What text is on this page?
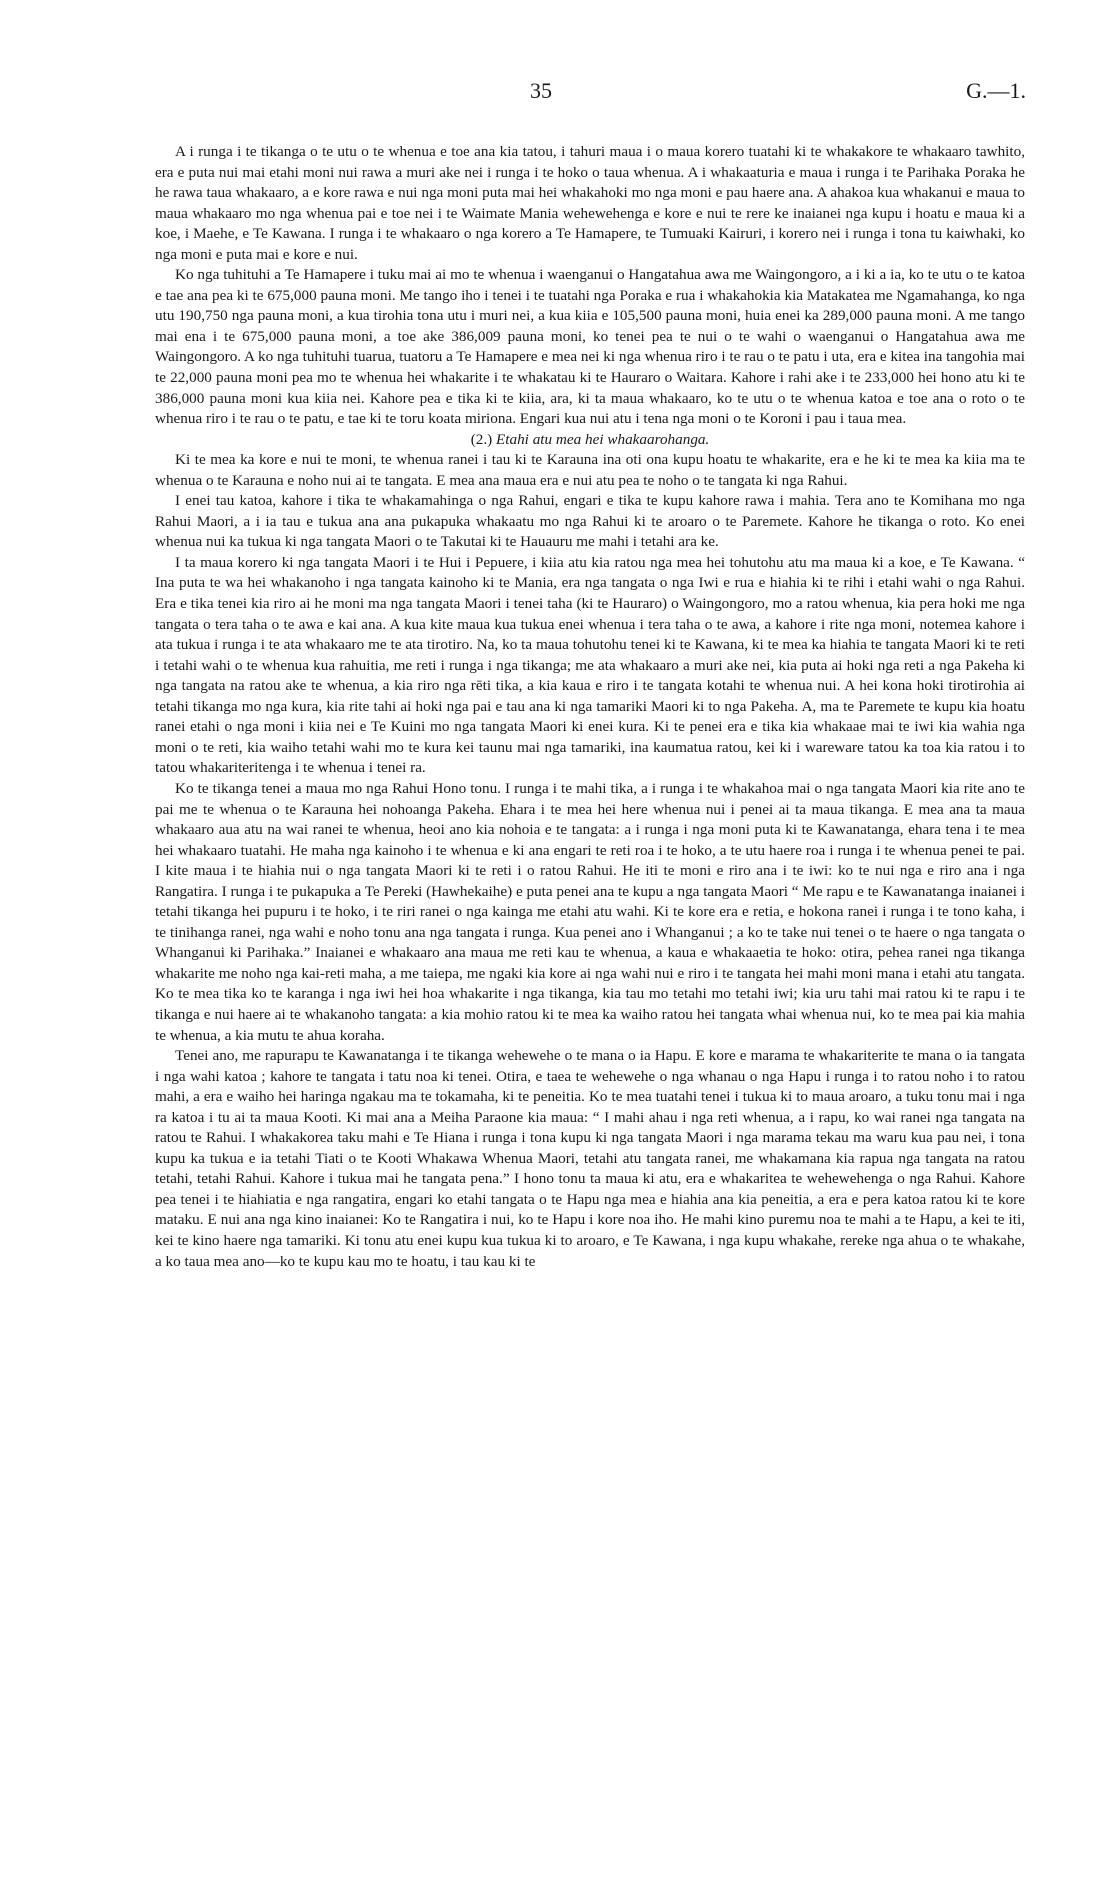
35	G.—1.

A i runga i te tikanga o te utu o te whenua e toe ana kia tatou, i tahuri maua i o maua korero tuatahi ki te whakakore te whakaaro tawhito, era e puta nui mai etahi moni nui rawa a muri ake nei i runga i te hoko o taua whenua. A i whakaaturia e maua i runga i te Parihaka Poraka he he rawa taua whakaaro, a e kore rawa e nui nga moni puta mai hei whakahoki mo nga moni e pau haere ana. A ahakoa kua whakanui e maua to maua whakaaro mo nga whenua pai e toe nei i te Waimate Mania wehewehenga e kore e nui te rere ke inaianei nga kupu i hoatu e maua ki a koe, i Maehe, e Te Kawana. I runga i te whakaaro o nga korero a Te Hamapere, te Tumuaki Kairuri, i korero nei i runga i tona tu kaiwhaki, ko nga moni e puta mai e kore e nui.

Ko nga tuhituhi a Te Hamapere i tuku mai ai mo te whenua i waenganui o Hangatahua awa me Waingongoro, a i ki a ia, ko te utu o te katoa e tae ana pea ki te 675,000 pauna moni. Me tango iho i tenei i te tuatahi nga Poraka e rua i whakahokia kia Matakatea me Ngamahanga, ko nga utu 190,750 nga pauna moni, a kua tirohia tona utu i muri nei, a kua kiia e 105,500 pauna moni, huia enei ka 289,000 pauna moni. A me tango mai ena i te 675,000 pauna moni, a toe ake 386,009 pauna moni, ko tenei pea te nui o te wahi o waenganui o Hangatahua awa me Waingongoro. A ko nga tuhituhi tuarua, tuatoru a Te Hamapere e mea nei ki nga whenua riro i te rau o te patu i uta, era e kitea ina tangohia mai te 22,000 pauna moni pea mo te whenua hei whakarite i te whakatau ki te Hauraro o Waitara. Kahore i rahi ake i te 233,000 hei hono atu ki te 386,000 pauna moni kua kiia nei. Kahore pea e tika ki te kiia, ara, ki ta maua whakaaro, ko te utu o te whenua katoa e toe ana o roto o te whenua riro i te rau o te patu, e tae ki te toru koata miriona. Engari kua nui atu i tena nga moni o te Koroni i pau i taua mea.

(2.) Etahi atu mea hei whakaarohanga.

Ki te mea ka kore e nui te moni, te whenua ranei i tau ki te Karauna ina oti ona kupu hoatu te whakarite, era e he ki te mea ka kiia ma te whenua o te Karauna e noho nui ai te tangata. E mea ana maua era e nui atu pea te noho o te tangata ki nga Rahui.

I enei tau katoa, kahore i tika te whakamahinga o nga Rahui, engari e tika te kupu kahore rawa i mahia. Tera ano te Komihana mo nga Rahui Maori, a i ia tau e tukua ana ana pukapuka whakaatu mo nga Rahui ki te aroaro o te Paremete. Kahore he tikanga o roto. Ko enei whenua nui ka tukua ki nga tangata Maori o te Takutai ki te Hauauru me mahi i tetahi ara ke.

I ta maua korero ki nga tangata Maori i te Hui i Pepuere, i kiia atu kia ratou nga mea hei tohutohu atu ma maua ki a koe, e Te Kawana. “ Ina puta te wa hei whakanoho i nga tangata kainoho ki te Mania, era nga tangata o nga Iwi e rua e hiahia ki te rihi i etahi wahi o nga Rahui. Era e tika tenei kia riro ai he moni ma nga tangata Maori i tenei taha (ki te Hauraro) o Waingongoro, mo a ratou whenua, kia pera hoki me nga tangata o tera taha o te awa e kai ana. A kua kite maua kua tukua enei whenua i tera taha o te awa, a kahore i rite nga moni, notemea kahore i ata tukua i runga i te ata whakaaro me te ata tirotiro. Na, ko ta maua tohutohu tenei ki te Kawana, ki te mea ka hiahia te tangata Maori ki te reti i tetahi wahi o te whenua kua rahuitia, me reti i runga i nga tikanga; me ata whakaaro a muri ake nei, kia puta ai hoki nga reti a nga Pakeha ki nga tangata na ratou ake te whenua, a kia riro nga rēti tika, a kia kaua e riro i te tangata kotahi te whenua nui. A hei kona hoki tirotirohia ai tetahi tikanga mo nga kura, kia rite tahi ai hoki nga pai e tau ana ki nga tamariki Maori ki to nga Pakeha. A, ma te Paremete te kupu kia hoatu ranei etahi o nga moni i kiia nei e Te Kuini mo nga tangata Maori ki enei kura. Ki te penei era e tika kia whakaae mai te iwi kia wahia nga moni o te reti, kia waiho tetahi wahi mo te kura kei taunu mai nga tamariki, ina kaumatua ratou, kei ki i wareware tatou ka toa kia ratou i to tatou whakariteritenga i te whenua i tenei ra.

Ko te tikanga tenei a maua mo nga Rahui Hono tonu. I runga i te mahi tika, a i runga i te whakahoa mai o nga tangata Maori kia rite ano te pai me te whenua o te Karauna hei nohoanga Pakeha. Ehara i te mea hei here whenua nui i penei ai ta maua tikanga. E mea ana ta maua whakaaro aua atu na wai ranei te whenua, heoi ano kia nohoia e te tangata: a i runga i nga moni puta ki te Kawanatanga, ehara tena i te mea hei whakaaro tuatahi. He maha nga kainoho i te whenua e ki ana engari te reti roa i te hoko, a te utu haere roa i runga i te whenua penei te pai. I kite maua i te hiahia nui o nga tangata Maori ki te reti i o ratou Rahui. He iti te moni e riro ana i te iwi: ko te nui nga e riro ana i nga Rangatira. I runga i te pukapuka a Te Pereki (Hawhekaihe) e puta penei ana te kupu a nga tangata Maori “ Me rapu e te Kawanatanga inaianei i tetahi tikanga hei pupuru i te hoko, i te riri ranei o nga kainga me etahi atu wahi. Ki te kore era e retia, e hokona ranei i runga i te tono kaha, i te tinihanga ranei, nga wahi e noho tonu ana nga tangata i runga. Kua penei ano i Whanganui ; a ko te take nui tenei o te haere o nga tangata o Whanganui ki Parihaka.” Inaianei e whakaaro ana maua me reti kau te whenua, a kaua e whakaaetia te hoko: otira, pehea ranei nga tikanga whakarite me noho nga kai-reti maha, a me taiepa, me ngaki kia kore ai nga wahi nui e riro i te tangata hei mahi moni mana i etahi atu tangata. Ko te mea tika ko te karanga i nga iwi hei hoa whakarite i nga tikanga, kia tau mo tetahi mo tetahi iwi; kia uru tahi mai ratou ki te rapu i te tikanga e nui haere ai te whakanoho tangata: a kia mohio ratou ki te mea ka waiho ratou hei tangata whai whenua nui, ko te mea pai kia mahia te whenua, a kia mutu te ahua koraha.

Tenei ano, me rapurapu te Kawanatanga i te tikanga wehewehe o te mana o ia Hapu. E kore e marama te whakariterite te mana o ia tangata i nga wahi katoa ; kahore te tangata i tatu noa ki tenei. Otira, e taea te wehewehe o nga whanau o nga Hapu i runga i to ratou noho i to ratou mahi, a era e waiho hei haringa ngakau ma te tokamaha, ki te peneitia. Ko te mea tuatahi tenei i tukua ki to maua aroaro, a tuku tonu mai i nga ra katoa i tu ai ta maua Kooti. Ki mai ana a Meiha Paraone kia maua: “ I mahi ahau i nga reti whenua, a i rapu, ko wai ranei nga tangata na ratou te Rahui. I whakakorea taku mahi e Te Hiana i runga i tona kupu ki nga tangata Maori i nga marama tekau ma waru kua pau nei, i tona kupu ka tukua e ia tetahi Tiati o te Kooti Whakawa Whenua Maori, tetahi atu tangata ranei, me whakamana kia rapua nga tangata na ratou tetahi, tetahi Rahui. Kahore i tukua mai he tangata pena.” I hono tonu ta maua ki atu, era e whakaritea te wehewehenga o nga Rahui. Kahore pea tenei i te hiahiatia e nga rangatira, engari ko etahi tangata o te Hapu nga mea e hiahia ana kia peneitia, a era e pera katoa ratou ki te kore mataku. E nui ana nga kino inaianei: Ko te Rangatira i nui, ko te Hapu i kore noa iho. He mahi kino puremu noa te mahi a te Hapu, a kei te iti, kei te kino haere nga tamariki. Ki tonu atu enei kupu kua tukua ki to aroaro, e Te Kawana, i nga kupu whakahe, rereke nga ahua o te whakahe, a ko taua mea ano—ko te kupu kau mo te hoatu, i tau kau ki te
